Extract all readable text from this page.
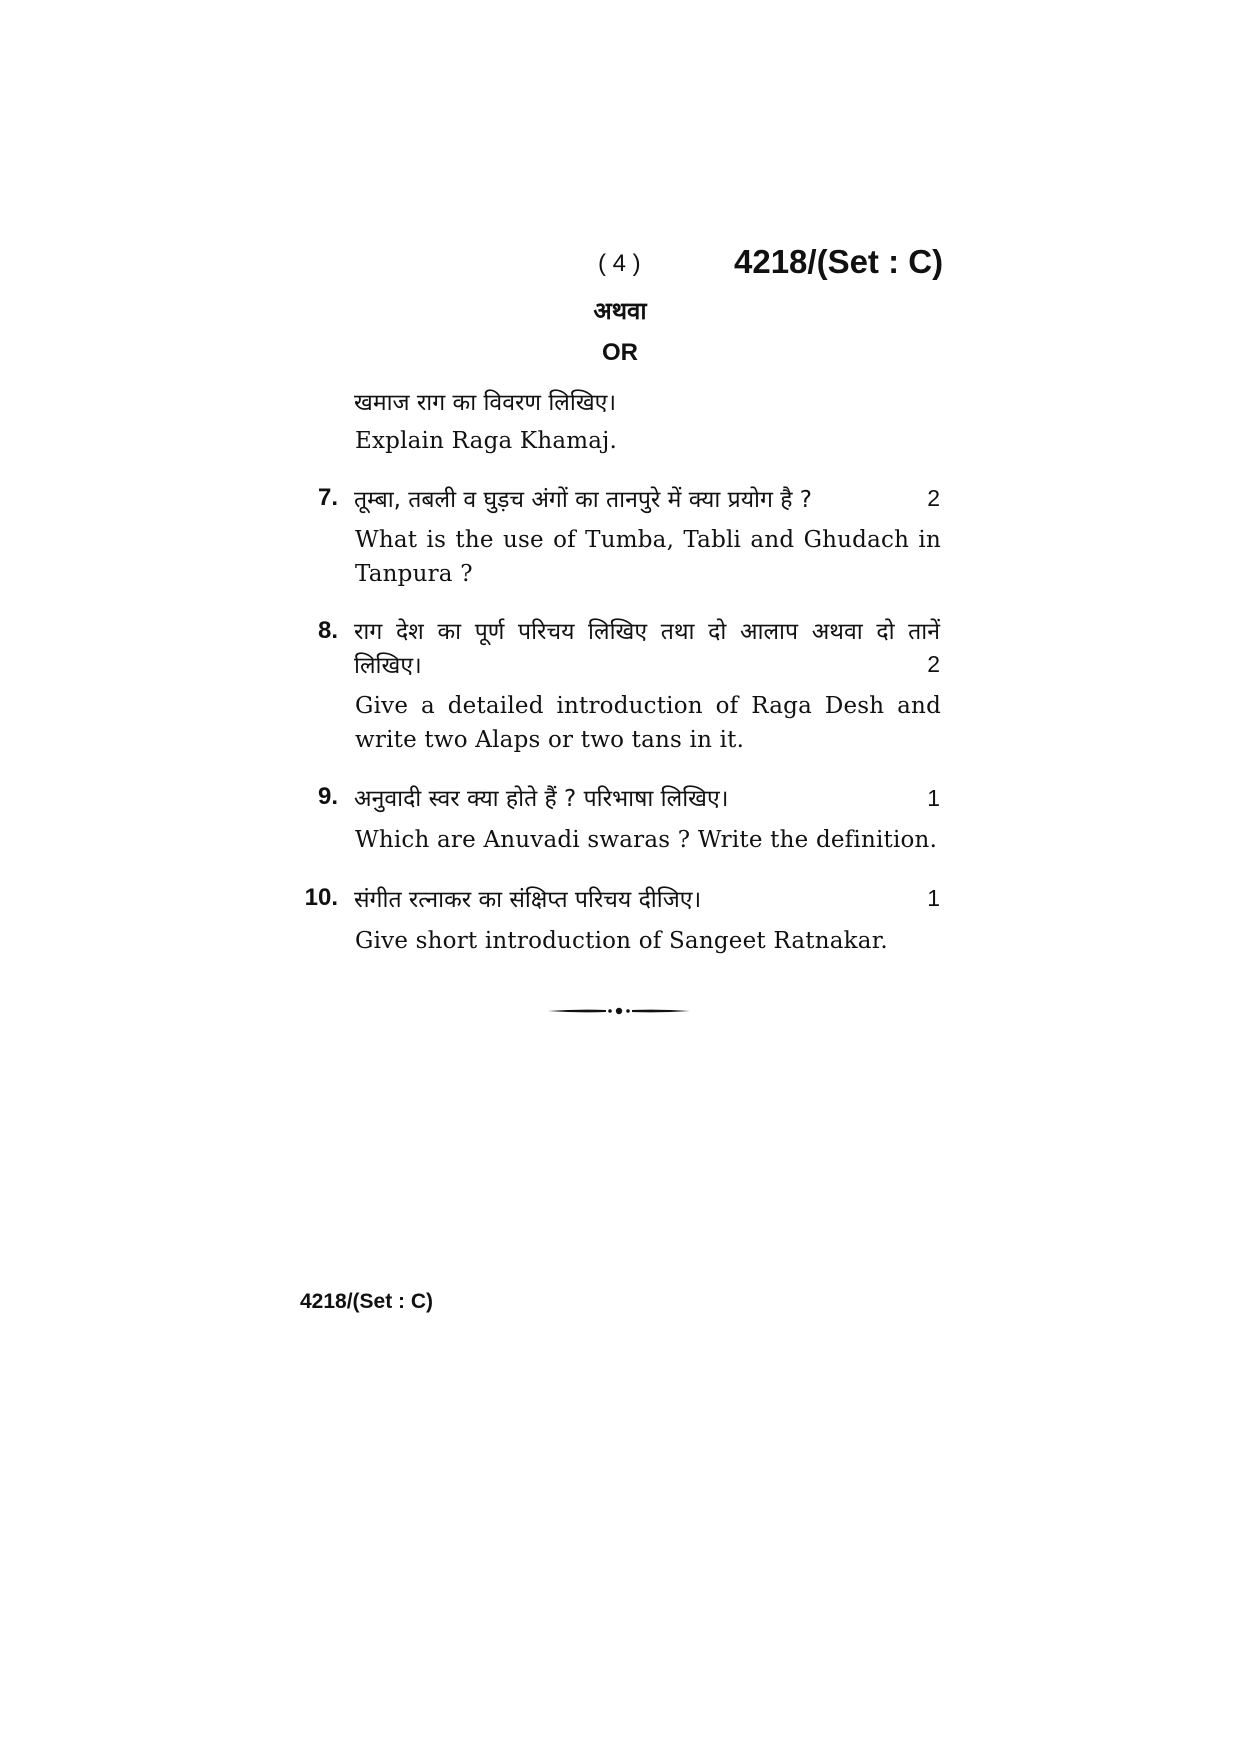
( 4 )	4218/(Set : C)
अथवा
OR
खमाज राग का विवरण लिखिए।
Explain Raga Khamaj.
7. तूम्बा, तबली व घुड़च अंगों का तानपुरे में क्या प्रयोग है ?	2
What is the use of Tumba, Tabli and Ghudach in
Tanpura ?
8. राग देश का पूर्ण परिचय लिखिए तथा दो आलाप अथवा दो तानें
लिखिए।	2
Give a detailed introduction of Raga Desh and
write two Alaps or two tans in it.
9. अनुवादी स्वर क्या होते हैं ? परिभाषा लिखिए।	1
Which are Anuvadi swaras ? Write the definition.
10. संगीत रत्नाकर का संक्षिप्त परिचय दीजिए।	1
Give short introduction of Sangeet Ratnakar.
4218/(Set : C)
